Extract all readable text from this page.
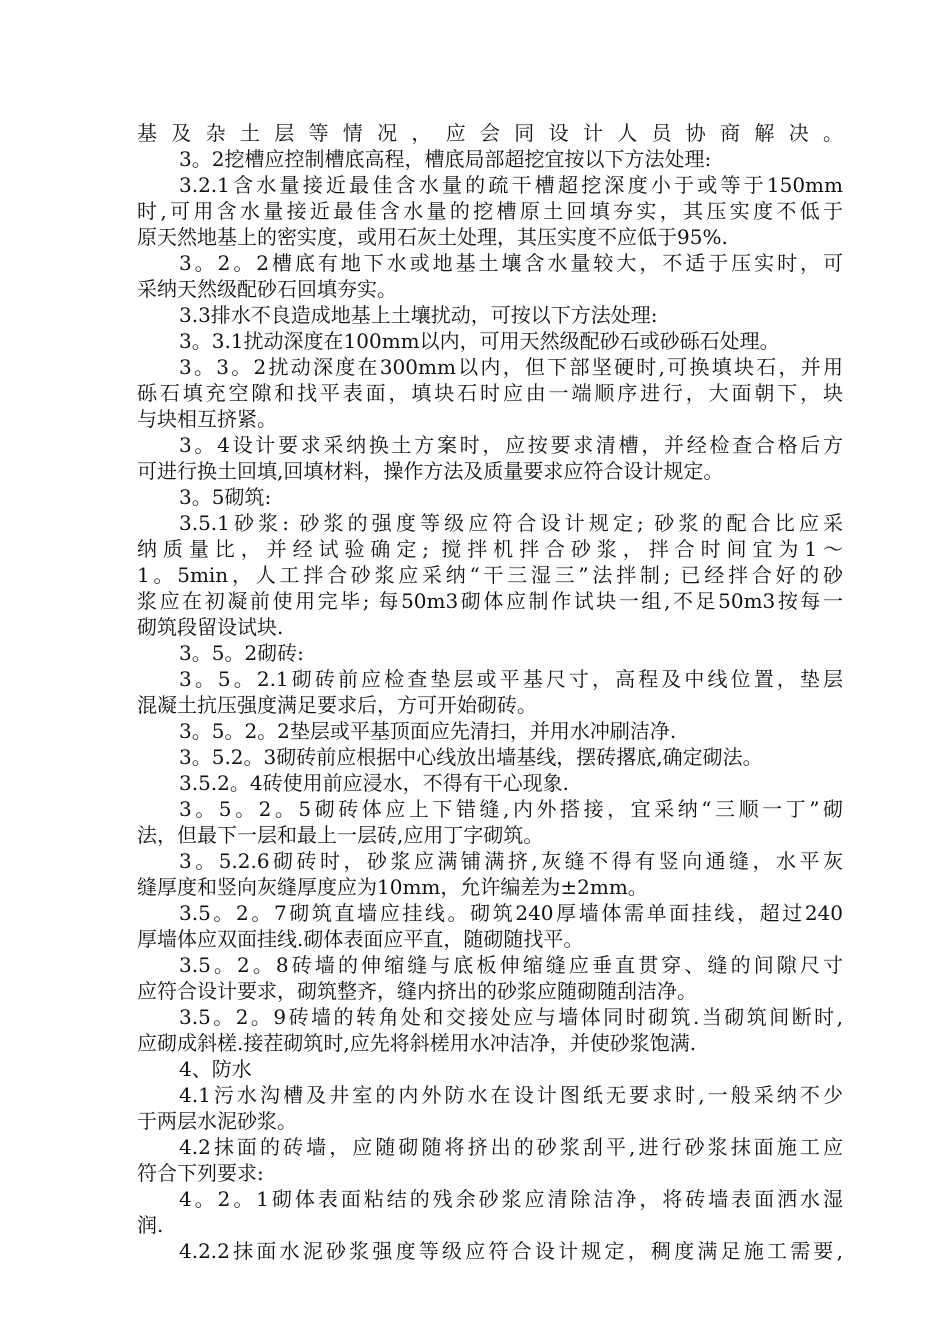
基及杂土层等情况，应会同设计人员协商解决。
3。2挖槽应控制槽底高程，槽底局部超挖宜按以下方法处理:
3.2.1含水量接近最佳含水量的疏干槽超挖深度小于或等于150mm
时,可用含水量接近最佳含水量的挖槽原土回填夯实，其压实度不低于
原天然地基上的密实度，或用石灰土处理，其压实度不应低于95%.
3。2。2槽底有地下水或地基土壤含水量较大，不适于压实时，可
采纳天然级配砂石回填夯实。
3.3排水不良造成地基上土壤扰动，可按以下方法处理:
3。3.1扰动深度在100mm以内，可用天然级配砂石或砂砾石处理。
3。3。2扰动深度在300mm以内，但下部坚硬时,可换填块石，并用
砾石填充空隙和找平表面，填块石时应由一端顺序进行，大面朝下，块
与块相互挤紧。
3。4设计要求采纳换土方案时，应按要求清槽，并经检查合格后方
可进行换土回填,回填材料，操作方法及质量要求应符合设计规定。
3。5砌筑:
3.5.1砂浆: 砂浆的强度等级应符合设计规定; 砂浆的配合比应采
纳质量比，并经试验确定; 搅拌机拌合砂浆，拌合时间宜为1～
1。5min，人工拌合砂浆应采纳“干三湿三”法拌制; 已经拌合好的砂
浆应在初凝前使用完毕; 每50m3砌体应制作试块一组,不足50m3按每一
砌筑段留设试块.
3。5。2砌砖:
3。5。2.1砌砖前应检查垫层或平基尺寸，高程及中线位置，垫层
混凝土抗压强度满足要求后，方可开始砌砖。
3。5。2。2垫层或平基顶面应先清扫，并用水冲刷洁净.
3。5.2。3砌砖前应根据中心线放出墙基线，摆砖撂底,确定砌法。
3.5.2。4砖使用前应浸水，不得有干心现象.
3。5。2。5砌砖体应上下错缝,内外搭接，宜采纳“三顺一丁”砌
法，但最下一层和最上一层砖,应用丁字砌筑。
3。5.2.6砌砖时，砂浆应满铺满挤,灰缝不得有竖向通缝，水平灰
缝厚度和竖向灰缝厚度应为10mm，允许编差为±2mm。
3.5。2。7砌筑直墙应挂线。砌筑240厚墙体需单面挂线，超过240
厚墙体应双面挂线.砌体表面应平直，随砌随找平。
3.5。2。8砖墙的伸缩缝与底板伸缩缝应垂直贯穿、缝的间隙尺寸
应符合设计要求，砌筑整齐，缝内挤出的砂浆应随砌随刮洁净。
3.5。2。9砖墙的转角处和交接处应与墙体同时砌筑.当砌筑间断时,
应砌成斜槎.接茬砌筑时,应先将斜槎用水冲洁净，并使砂浆饱满.
4、防水
4.1污水沟槽及井室的内外防水在设计图纸无要求时,一般采纳不少
于两层水泥砂浆。
4.2抹面的砖墙，应随砌随将挤出的砂浆刮平,进行砂浆抹面施工应
符合下列要求:
4。2。1砌体表面粘结的残余砂浆应清除洁净，将砖墙表面洒水湿
润.
4.2.2抹面水泥砂浆强度等级应符合设计规定，稠度满足施工需要,
